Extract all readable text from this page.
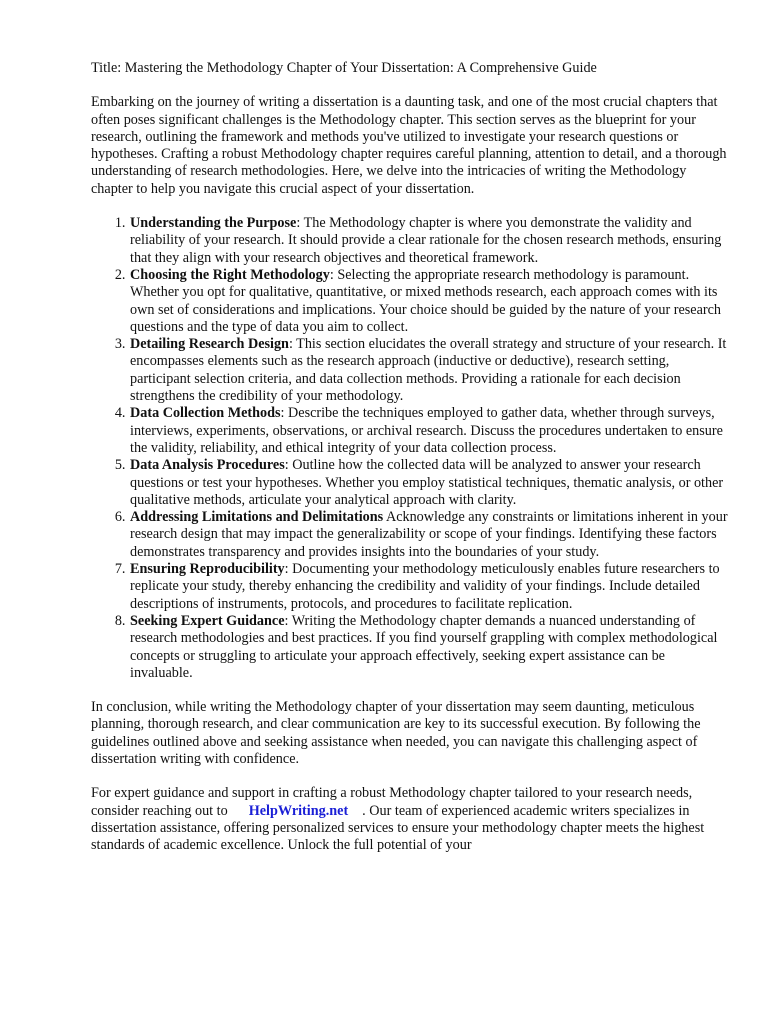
Title: Mastering the Methodology Chapter of Your Dissertation: A Comprehensive Guide

Embarking on the journey of writing a dissertation is a daunting task, and one of the most crucial chapters that often poses significant challenges is the Methodology chapter. This section serves as the blueprint for your research, outlining the framework and methods you've utilized to investigate your research questions or hypotheses. Crafting a robust Methodology chapter requires careful planning, attention to detail, and a thorough understanding of research methodologies. Here, we delve into the intricacies of writing the Methodology chapter to help you navigate this crucial aspect of your dissertation.

1. Understanding the Purpose: The Methodology chapter is where you demonstrate the validity and reliability of your research. It should provide a clear rationale for the chosen research methods, ensuring that they align with your research objectives and theoretical framework.
2. Choosing the Right Methodology: Selecting the appropriate research methodology is paramount. Whether you opt for qualitative, quantitative, or mixed methods research, each approach comes with its own set of considerations and implications. Your choice should be guided by the nature of your research questions and the type of data you aim to collect.
3. Detailing Research Design: This section elucidates the overall strategy and structure of your research. It encompasses elements such as the research approach (inductive or deductive), research setting, participant selection criteria, and data collection methods. Providing a rationale for each decision strengthens the credibility of your methodology.
4. Data Collection Methods: Describe the techniques employed to gather data, whether through surveys, interviews, experiments, observations, or archival research. Discuss the procedures undertaken to ensure the validity, reliability, and ethical integrity of your data collection process.
5. Data Analysis Procedures: Outline how the collected data will be analyzed to answer your research questions or test your hypotheses. Whether you employ statistical techniques, thematic analysis, or other qualitative methods, articulate your analytical approach with clarity.
6. Addressing Limitations and Delimitations Acknowledge any constraints or limitations inherent in your research design that may impact the generalizability or scope of your findings. Identifying these factors demonstrates transparency and provides insights into the boundaries of your study.
7. Ensuring Reproducibility: Documenting your methodology meticulously enables future researchers to replicate your study, thereby enhancing the credibility and validity of your findings. Include detailed descriptions of instruments, protocols, and procedures to facilitate replication.
8. Seeking Expert Guidance: Writing the Methodology chapter demands a nuanced understanding of research methodologies and best practices. If you find yourself grappling with complex methodological concepts or struggling to articulate your approach effectively, seeking expert assistance can be invaluable.

In conclusion, while writing the Methodology chapter of your dissertation may seem daunting, meticulous planning, thorough research, and clear communication are key to its successful execution. By following the guidelines outlined above and seeking assistance when needed, you can navigate this challenging aspect of dissertation writing with confidence.

For expert guidance and support in crafting a robust Methodology chapter tailored to your research needs, consider reaching out to HelpWriting.net . Our team of experienced academic writers specializes in dissertation assistance, offering personalized services to ensure your methodology chapter meets the highest standards of academic excellence. Unlock the full potential of your
